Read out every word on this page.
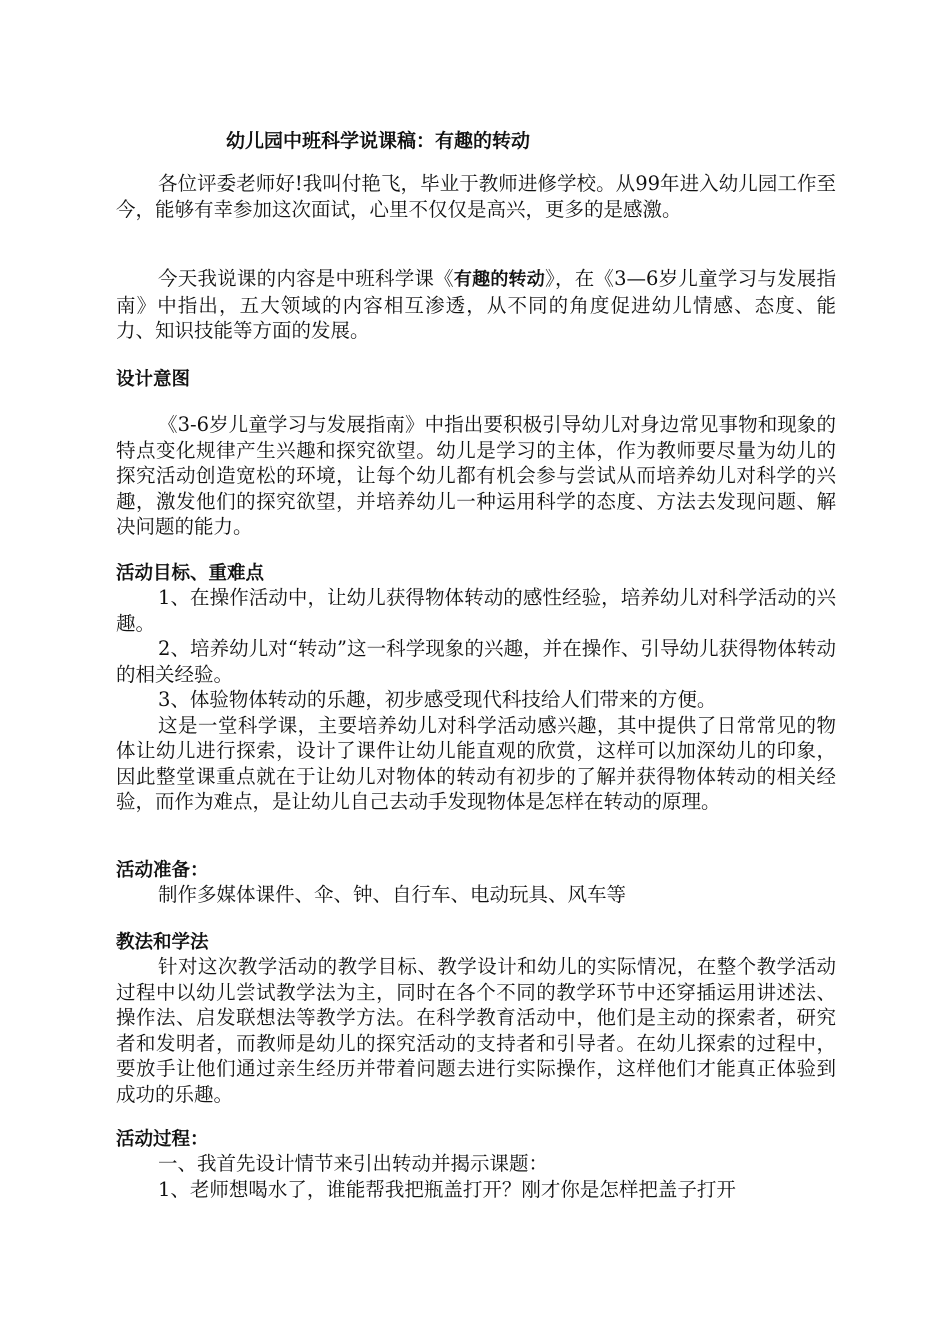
幼儿园中班科学说课稿：有趣的转动

各位评委老师好!我叫付艳飞，毕业于教师进修学校。从99年进入幼儿园工作至今，能够有幸参加这次面试，心里不仅仅是高兴，更多的是感激。

今天我说课的内容是中班科学课《有趣的转动》，在《3—6岁儿童学习与发展指南》中指出，五大领域的内容相互渗透，从不同的角度促进幼儿情感、态度、能力、知识技能等方面的发展。

设计意图

《3-6岁儿童学习与发展指南》中指出要积极引导幼儿对身边常见事物和现象的特点变化规律产生兴趣和探究欲望。幼儿是学习的主体，作为教师要尽量为幼儿的探究活动创造宽松的环境，让每个幼儿都有机会参与尝试从而培养幼儿对科学的兴趣，激发他们的探究欲望，并培养幼儿一种运用科学的态度、方法去发现问题、解决问题的能力。

活动目标、重难点

1、在操作活动中，让幼儿获得物体转动的感性经验，培养幼儿对科学活动的兴趣。

2、培养幼儿对“转动”这一科学现象的兴趣，并在操作、引导幼儿获得物体转动的相关经验。

3、体验物体转动的乐趣，初步感受现代科技给人们带来的方便。

这是一堂科学课，主要培养幼儿对科学活动感兴趣，其中提供了日常常见的物体让幼儿进行探索，设计了课件让幼儿能直观的欣赏，这样可以加深幼儿的印象，因此整堂课重点就在于让幼儿对物体的转动有初步的了解并获得物体转动的相关经验，而作为难点，是让幼儿自己去动手发现物体是怎样在转动的原理。

活动准备：

制作多媒体课件、伞、钟、自行车、电动玩具、风车等

教法和学法

针对这次教学活动的教学目标、教学设计和幼儿的实际情况，在整个教学活动过程中以幼儿尝试教学法为主，同时在各个不同的教学环节中还穿插运用讲述法、操作法、启发联想法等教学方法。在科学教育活动中，他们是主动的探索者，研究者和发明者，而教师是幼儿的探究活动的支持者和引导者。在幼儿探索的过程中，要放手让他们通过亲生经历并带着问题去进行实际操作，这样他们才能真正体验到成功的乐趣。

活动过程：

一、我首先设计情节来引出转动并揭示课题：

1、老师想喝水了，谁能帮我把瓶盖打开？刚才你是怎样把盖子打开
